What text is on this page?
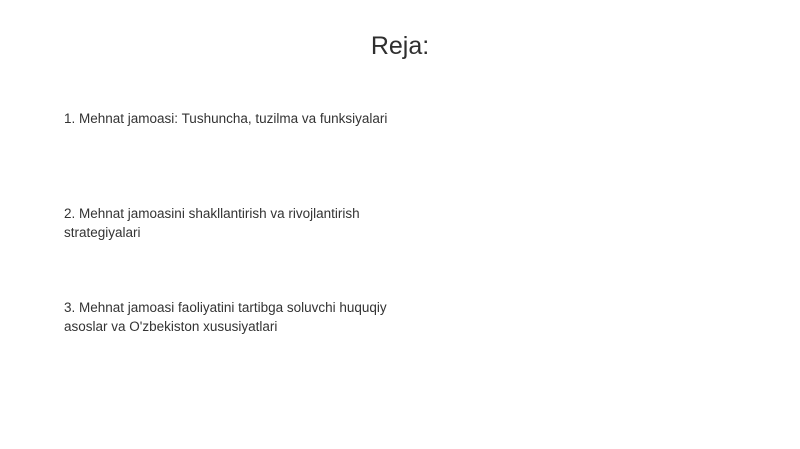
Reja:
1. Mehnat jamoasi: Tushuncha, tuzilma va funksiyalari
2. Mehnat jamoasini shakllantirish va rivojlantirish strategiyalari
3. Mehnat jamoasi faoliyatini tartibga soluvchi huquqiy asoslar va O'zbekiston xususiyatlari
